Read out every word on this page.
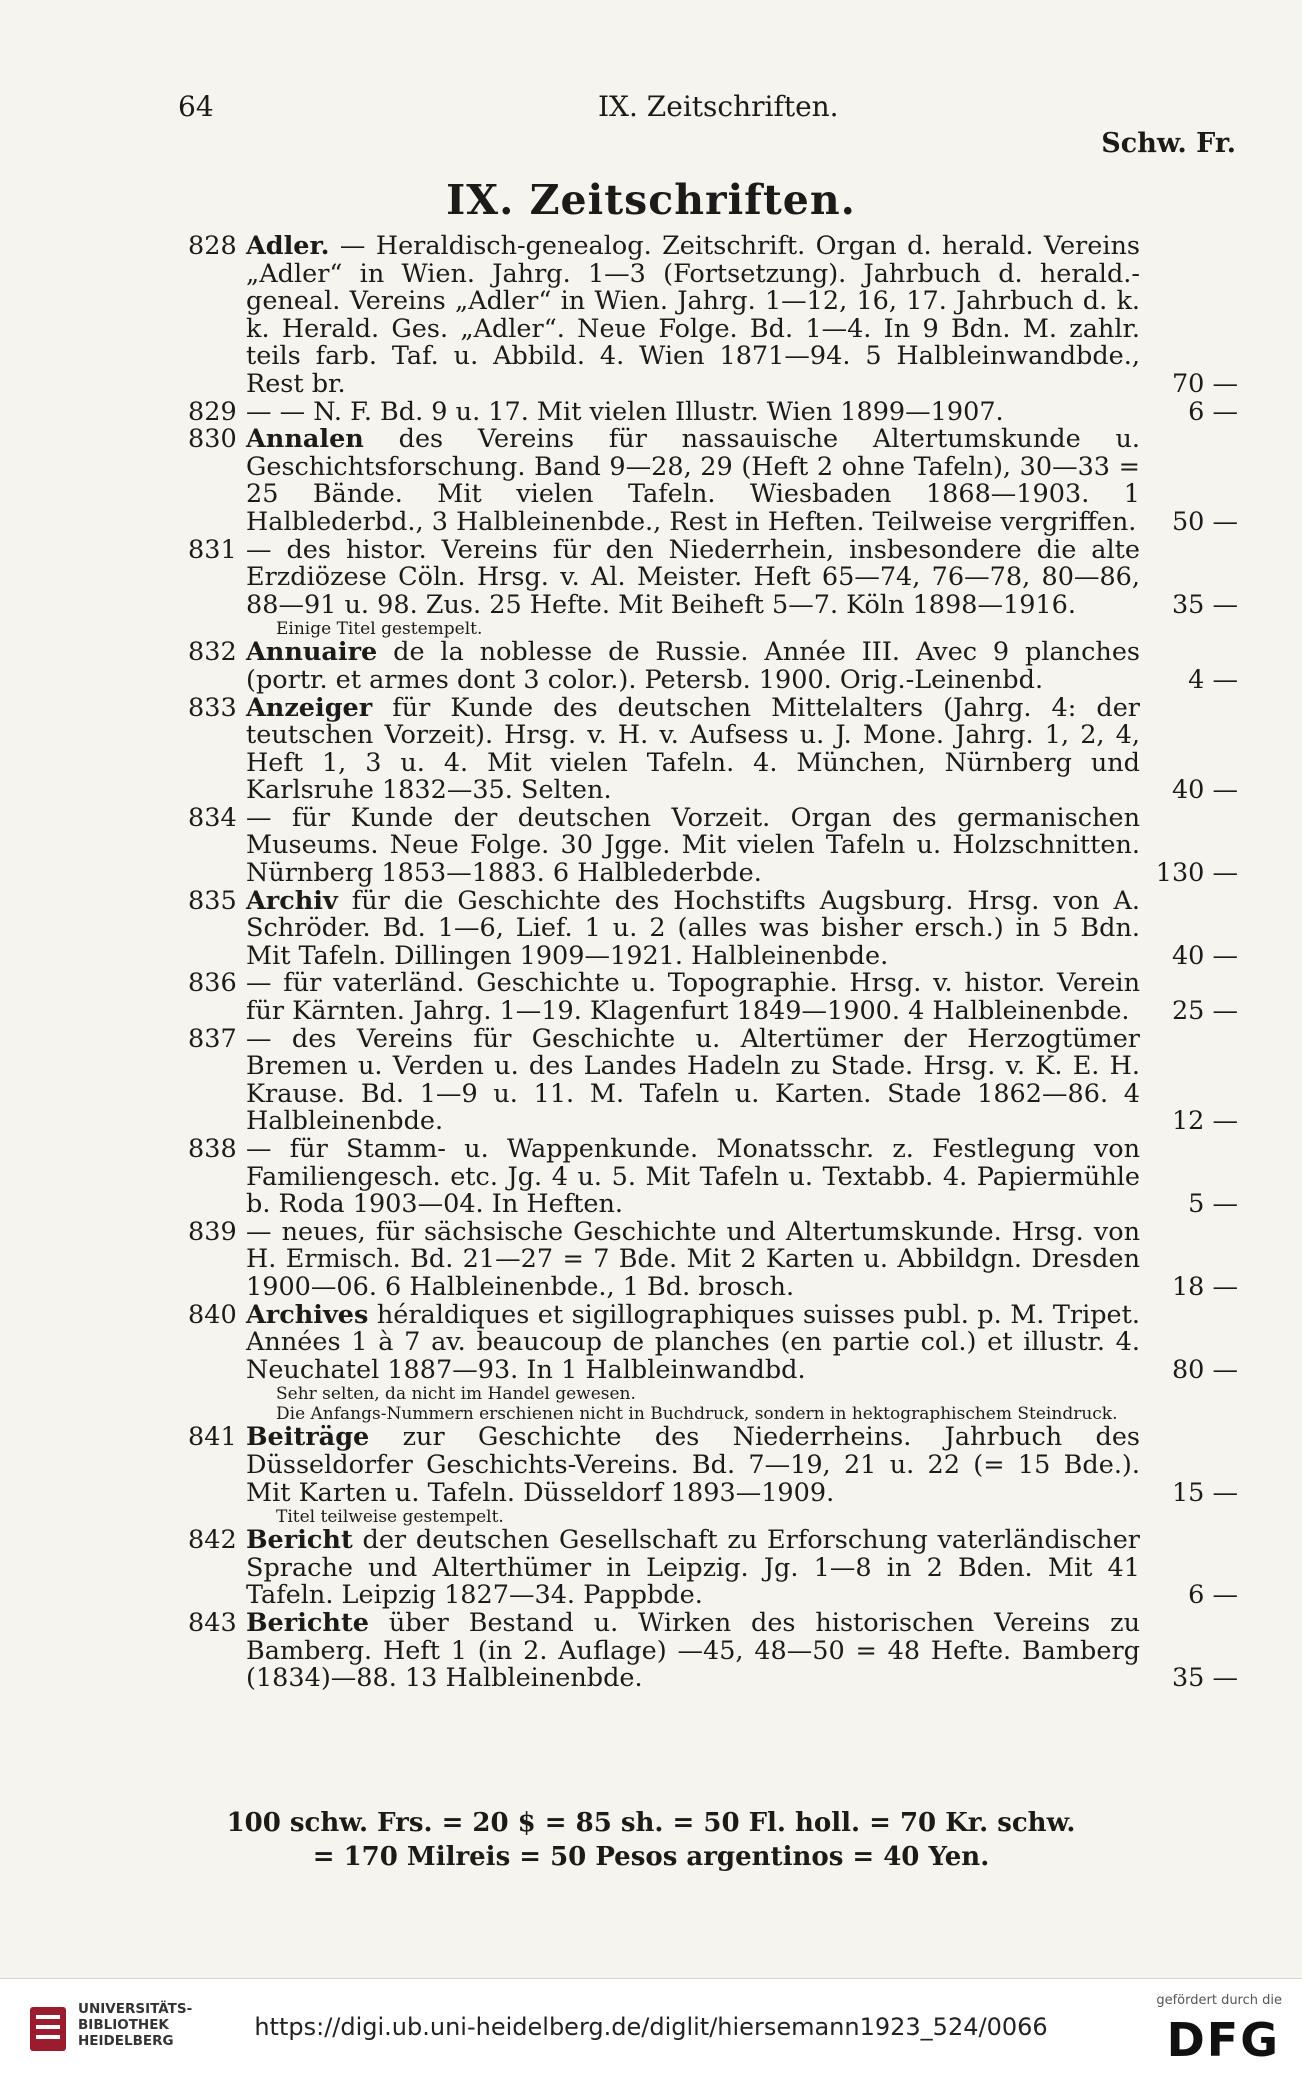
64	IX. Zeitschriften.
Schw. Fr.
IX. Zeitschriften.
828 Adler. — Heraldisch-genealog. Zeitschrift. Organ d. herald. Vereins „Adler“ in Wien. Jahrg. 1—3 (Fortsetzung). Jahrbuch d. herald.-geneal. Vereins „Adler“ in Wien. Jahrg. 1—12, 16, 17. Jahrbuch d. k. k. Herald. Ges. „Adler“. Neue Folge. Bd. 1—4. In 9 Bdn. M. zahlr. teils farb. Taf. u. Abbild. 4. Wien 1871—94. 5 Halbleinwandbde., Rest br.	70 —
829 — — N. F. Bd. 9 u. 17. Mit vielen Illustr. Wien 1899—1907.	6 —
830 Annalen des Vereins für nassauische Altertumskunde u. Geschichtsforschung. Band 9—28, 29 (Heft 2 ohne Tafeln), 30—33 = 25 Bände. Mit vielen Tafeln. Wiesbaden 1868—1903. 1 Halblederbd., 3 Halbleinenbde., Rest in Heften. Teilweise vergriffen.	50 —
831 — des histor. Vereins für den Niederrhein, insbesondere die alte Erzdiözese Cöln. Hrsg. v. Al. Meister. Heft 65—74, 76—78, 80—86, 88—91 u. 98. Zus. 25 Hefte. Mit Beiheft 5—7. Köln 1898—1916.	35 —
Einige Titel gestempelt.
832 Annuaire de la noblesse de Russie. Année III. Avec 9 planches (portr. et armes dont 3 color.). Petersb. 1900. Orig.-Leinenbd.	4 —
833 Anzeiger für Kunde des deutschen Mittelalters (Jahrg. 4: der teutschen Vorzeit). Hrsg. v. H. v. Aufsess u. J. Mone. Jahrg. 1, 2, 4, Heft 1, 3 u. 4. Mit vielen Tafeln. 4. München, Nürnberg und Karlsruhe 1832—35. Selten.	40 —
834 — für Kunde der deutschen Vorzeit. Organ des germanischen Museums. Neue Folge. 30 Jgge. Mit vielen Tafeln u. Holzschnitten. Nürnberg 1853—1883. 6 Halblederbde.	130 —
835 Archiv für die Geschichte des Hochstifts Augsburg. Hrsg. von A. Schröder. Bd. 1—6, Lief. 1 u. 2 (alles was bisher ersch.) in 5 Bdn. Mit Tafeln. Dillingen 1909—1921. Halbleinenbde.	40 —
836 — für vaterländ. Geschichte u. Topographie. Hrsg. v. histor. Verein für Kärnten. Jahrg. 1—19. Klagenfurt 1849—1900. 4 Halbleinenbde.	25 —
837 — des Vereins für Geschichte u. Altertümer der Herzogtümer Bremen u. Verden u. des Landes Hadeln zu Stade. Hrsg. v. K. E. H. Krause. Bd. 1—9 u. 11. M. Tafeln u. Karten. Stade 1862—86. 4 Halbleinenbde.	12 —
838 — für Stamm- u. Wappenkunde. Monatsschr. z. Festlegung von Familiengesch. etc. Jg. 4 u. 5. Mit Tafeln u. Textabb. 4. Papiermühle b. Roda 1903—04. In Heften.	5 —
839 — neues, für sächsische Geschichte und Altertumskunde. Hrsg. von H. Ermisch. Bd. 21—27 = 7 Bde. Mit 2 Karten u. Abbildgn. Dresden 1900—06. 6 Halbleinenbde., 1 Bd. brosch.	18 —
840 Archives héraldiques et sigillographiques suisses publ. p. M. Tripet. Années 1 à 7 av. beaucoup de planches (en partie col.) et illustr. 4. Neuchatel 1887—93. In 1 Halbleinwandbd.	80 —
Sehr selten, da nicht im Handel gewesen.
Die Anfangs-Nummern erschienen nicht in Buchdruck, sondern in hektographischem Steindruck.
841 Beiträge zur Geschichte des Niederrheins. Jahrbuch des Düsseldorfer Geschichts-Vereins. Bd. 7—19, 21 u. 22 (= 15 Bde.). Mit Karten u. Tafeln. Düsseldorf 1893—1909.	15 —
Titel teilweise gestempelt.
842 Bericht der deutschen Gesellschaft zu Erforschung vaterländischer Sprache und Alterthümer in Leipzig. Jg. 1—8 in 2 Bden. Mit 41 Tafeln. Leipzig 1827—34. Pappbde.	6 —
843 Berichte über Bestand u. Wirken des historischen Vereins zu Bamberg. Heft 1 (in 2. Auflage) —45, 48—50 = 48 Hefte. Bamberg (1834)—88. 13 Halbleinenbde.	35 —
100 schw. Frs. = 20 $ = 85 sh. = 50 Fl. holl. = 70 Kr. schw.
= 170 Milreis = 50 Pesos argentinos = 40 Yen.
UNIVERSITÄTS-
BIBLIOTHEK
HEIDELBERG	https://digi.ub.uni-heidelberg.de/diglit/hiersemann1923_524/0066
gefördert durch die
DFG
